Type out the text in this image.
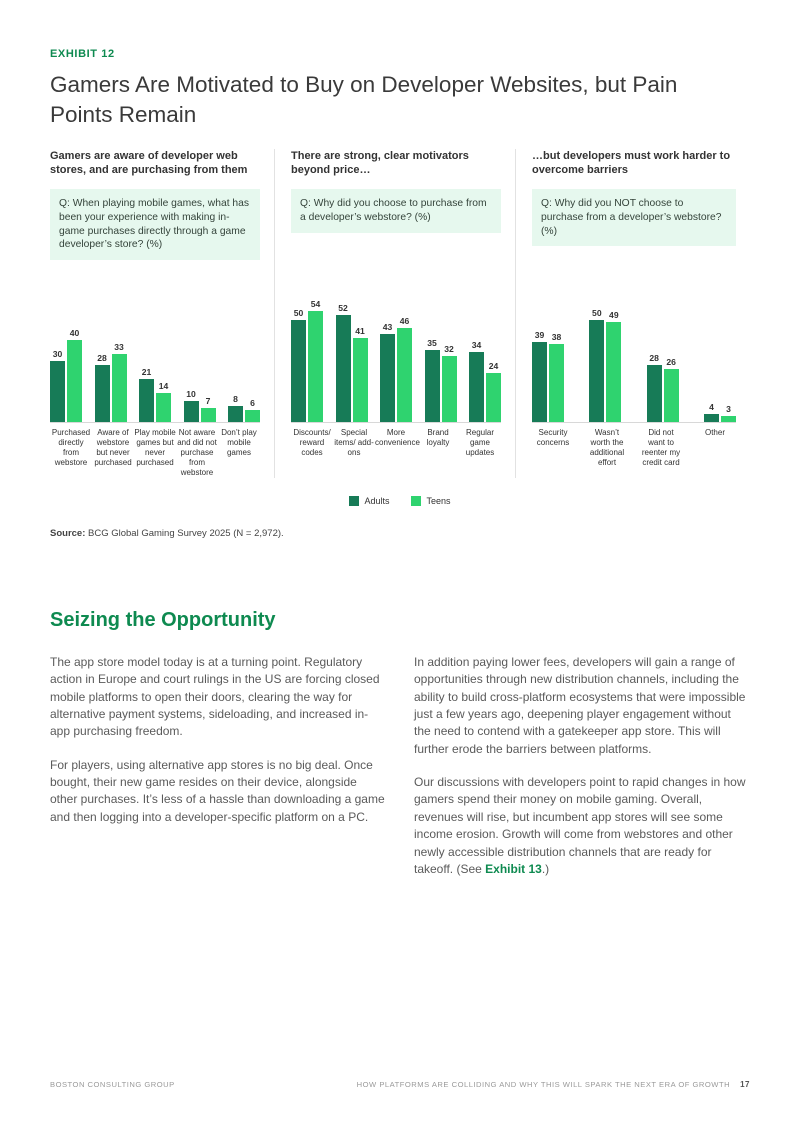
EXHIBIT 12
Gamers Are Motivated to Buy on Developer Websites, but Pain Points Remain
Gamers are aware of developer web stores, and are purchasing from them
Q: When playing mobile games, what has been your experience with making in-game purchases directly through a game developer’s store? (%)
30
40
28
33
21
14
10
7	8 6
Purchased directly from webstore
Aware of webstore but never purchased
Play mobile games but never purchased
Not aware and did not purchase from webstore
Don’t play mobile games
There are strong, clear motivators beyond price…
Q: Why did you choose to purchase from a developer’s webstore? (%)
50
54 52
41 43
46
35
32 34
24
Discounts/ reward codes
Special items/ add-ons
More convenience
Brand loyalty
Regular game updates
…but developers must work harder to overcome barriers
Q: Why did you NOT choose to purchase from a developer’s webstore? (%)
39 38
50 49
28 26
4 3
Security concerns
Wasn’t worth the additional effort
Did not want to reenter my credit card
Other
Adults	Teens
Source: BCG Global Gaming Survey 2025 (N = 2,972).
Seizing the Opportunity

The app store model today is at a turning point. Regulatory action in Europe and court rulings in the US are forcing closed mobile platforms to open their doors, clearing the way for alternative payment systems, sideloading, and increased in-app purchasing freedom.

For players, using alternative app stores is no big deal. Once bought, their new game resides on their device, alongside other purchases. It’s less of a hassle than downloading a game and then logging into a developer-specific platform on a PC.

In addition paying lower fees, developers will gain a range of opportunities through new distribution channels, including the ability to build cross-platform ecosystems that were impossible just a few years ago, deepening player engagement without the need to contend with a gatekeeper app store. This will further erode the barriers between platforms.

Our discussions with developers point to rapid changes in how gamers spend their money on mobile gaming. Overall, revenues will rise, but incumbent app stores will see some income erosion. Growth will come from webstores and other newly accessible distribution channels that are ready for takeoff. (See Exhibit 13.)

BOSTON CONSULTING GROUP	HOW PLATFORMS ARE COLLIDING AND WHY THIS WILL SPARK THE NEXT ERA OF GROWTH 17
